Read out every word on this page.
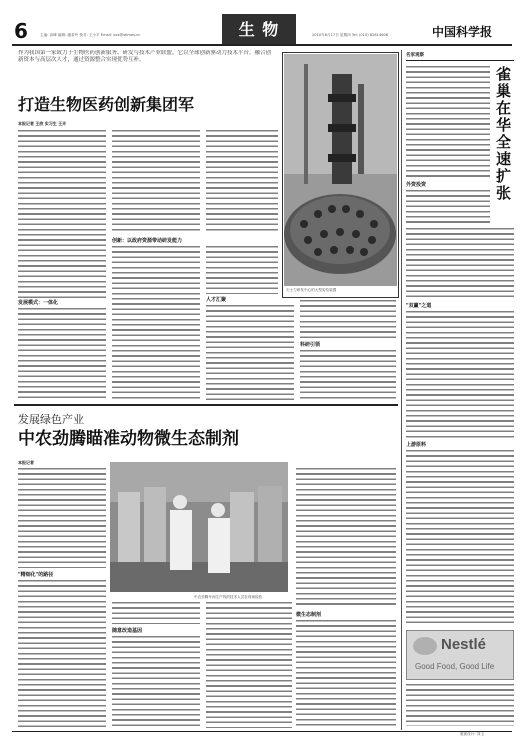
6	主编: 高峰 编辑: 潘希玲 校对: 王小平 Email: xxx@stimes.cn	生 物	2010年6月17日 星期四 Tel: (010) 82614606	中国科学报
作为我国第一家致力于生物医药创新服务、研发与技术产业联盟，它以全球创新驱动力技术平台，融合创新资本与高层次人才，通过资源整合实现优势互补。
打造生物医药创新集团军
天士力研发中心的大型实验装置
本报记者 王欣 实习生 王卉
发展模式：一体化
创新：以政府资源带动研发能力
人才汇聚
科研引领
发展绿色产业
中农劲腾瞄准动物微生态制剂
本报记者
"精细化"的路径
中农劲腾车间生产线的技术人员在现场检验
随意改造基因
微生态制剂
名家观察
雀巢在华全速扩张
外资投资
"双赢"之道
上游原料
Nestlé
Good Food, Good Life
版面设计: 刘玉
